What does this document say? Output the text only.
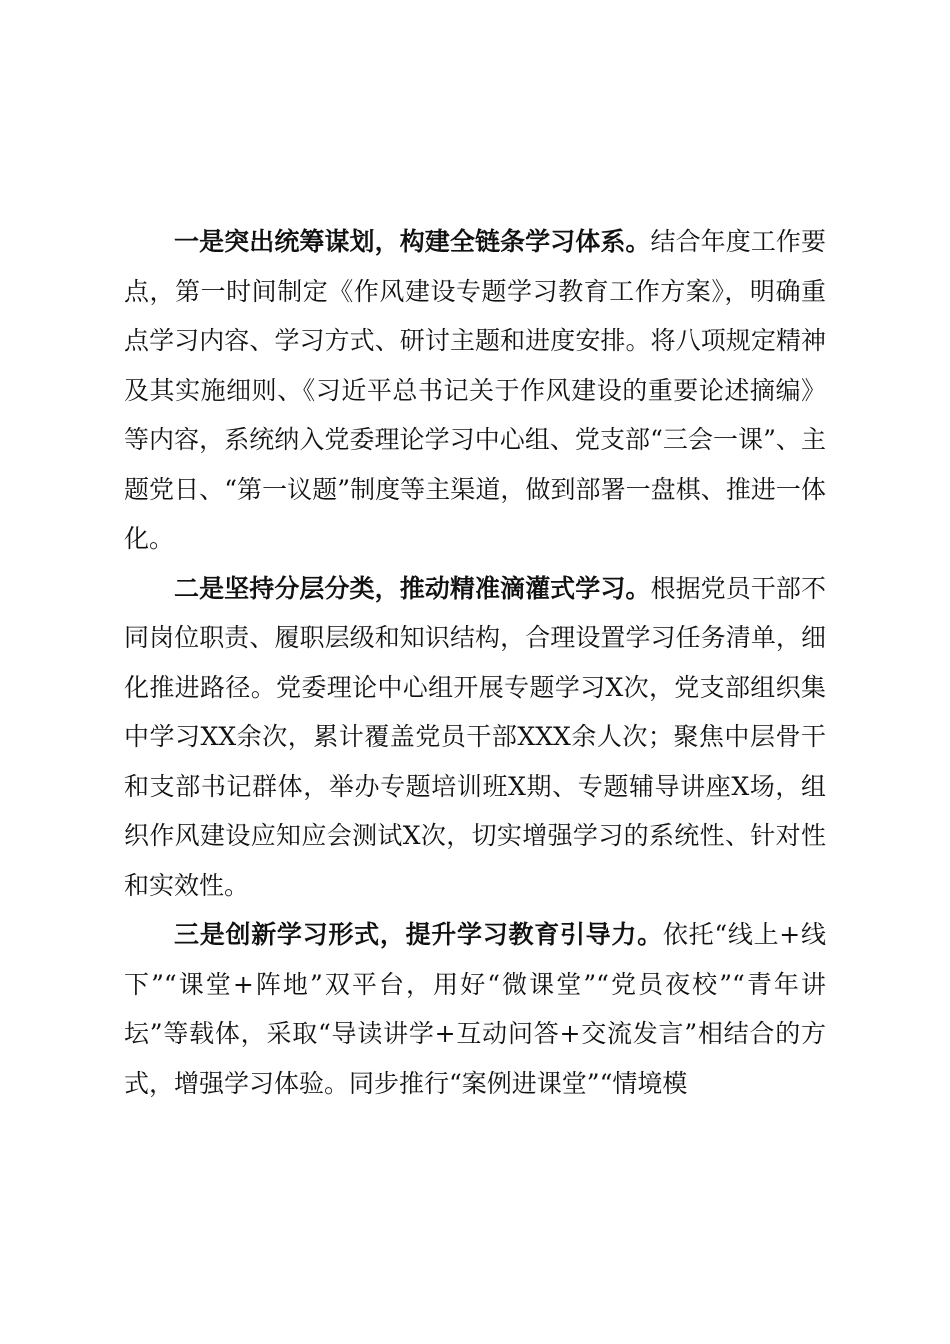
一是突出统筹谋划，构建全链条学习体系。结合年度工作要点，第一时间制定《作风建设专题学习教育工作方案》，明确重点学习内容、学习方式、研讨主题和进度安排。将八项规定精神及其实施细则、《习近平总书记关于作风建设的重要论述摘编》等内容，系统纳入党委理论学习中心组、党支部“三会一课”、主题党日、“第一议题”制度等主渠道，做到部署一盘棋、推进一体化。

二是坚持分层分类，推动精准滴灌式学习。根据党员干部不同岗位职责、履职层级和知识结构，合理设置学习任务清单，细化推进路径。党委理论中心组开展专题学习X次，党支部组织集中学习XX余次，累计覆盖党员干部XXX余人次；聚焦中层骨干和支部书记群体，举办专题培训班X期、专题辅导讲座X场，组织作风建设应知应会测试X次，切实增强学习的系统性、针对性和实效性。

三是创新学习形式，提升学习教育引导力。依托“线上+线下”“课堂+阵地”双平台，用好“微课堂”“党员夜校”“青年讲坛”等载体，采取“导读讲学+互动问答+交流发言”相结合的方式，增强学习体验。同步推行“案例进课堂”“情境模
